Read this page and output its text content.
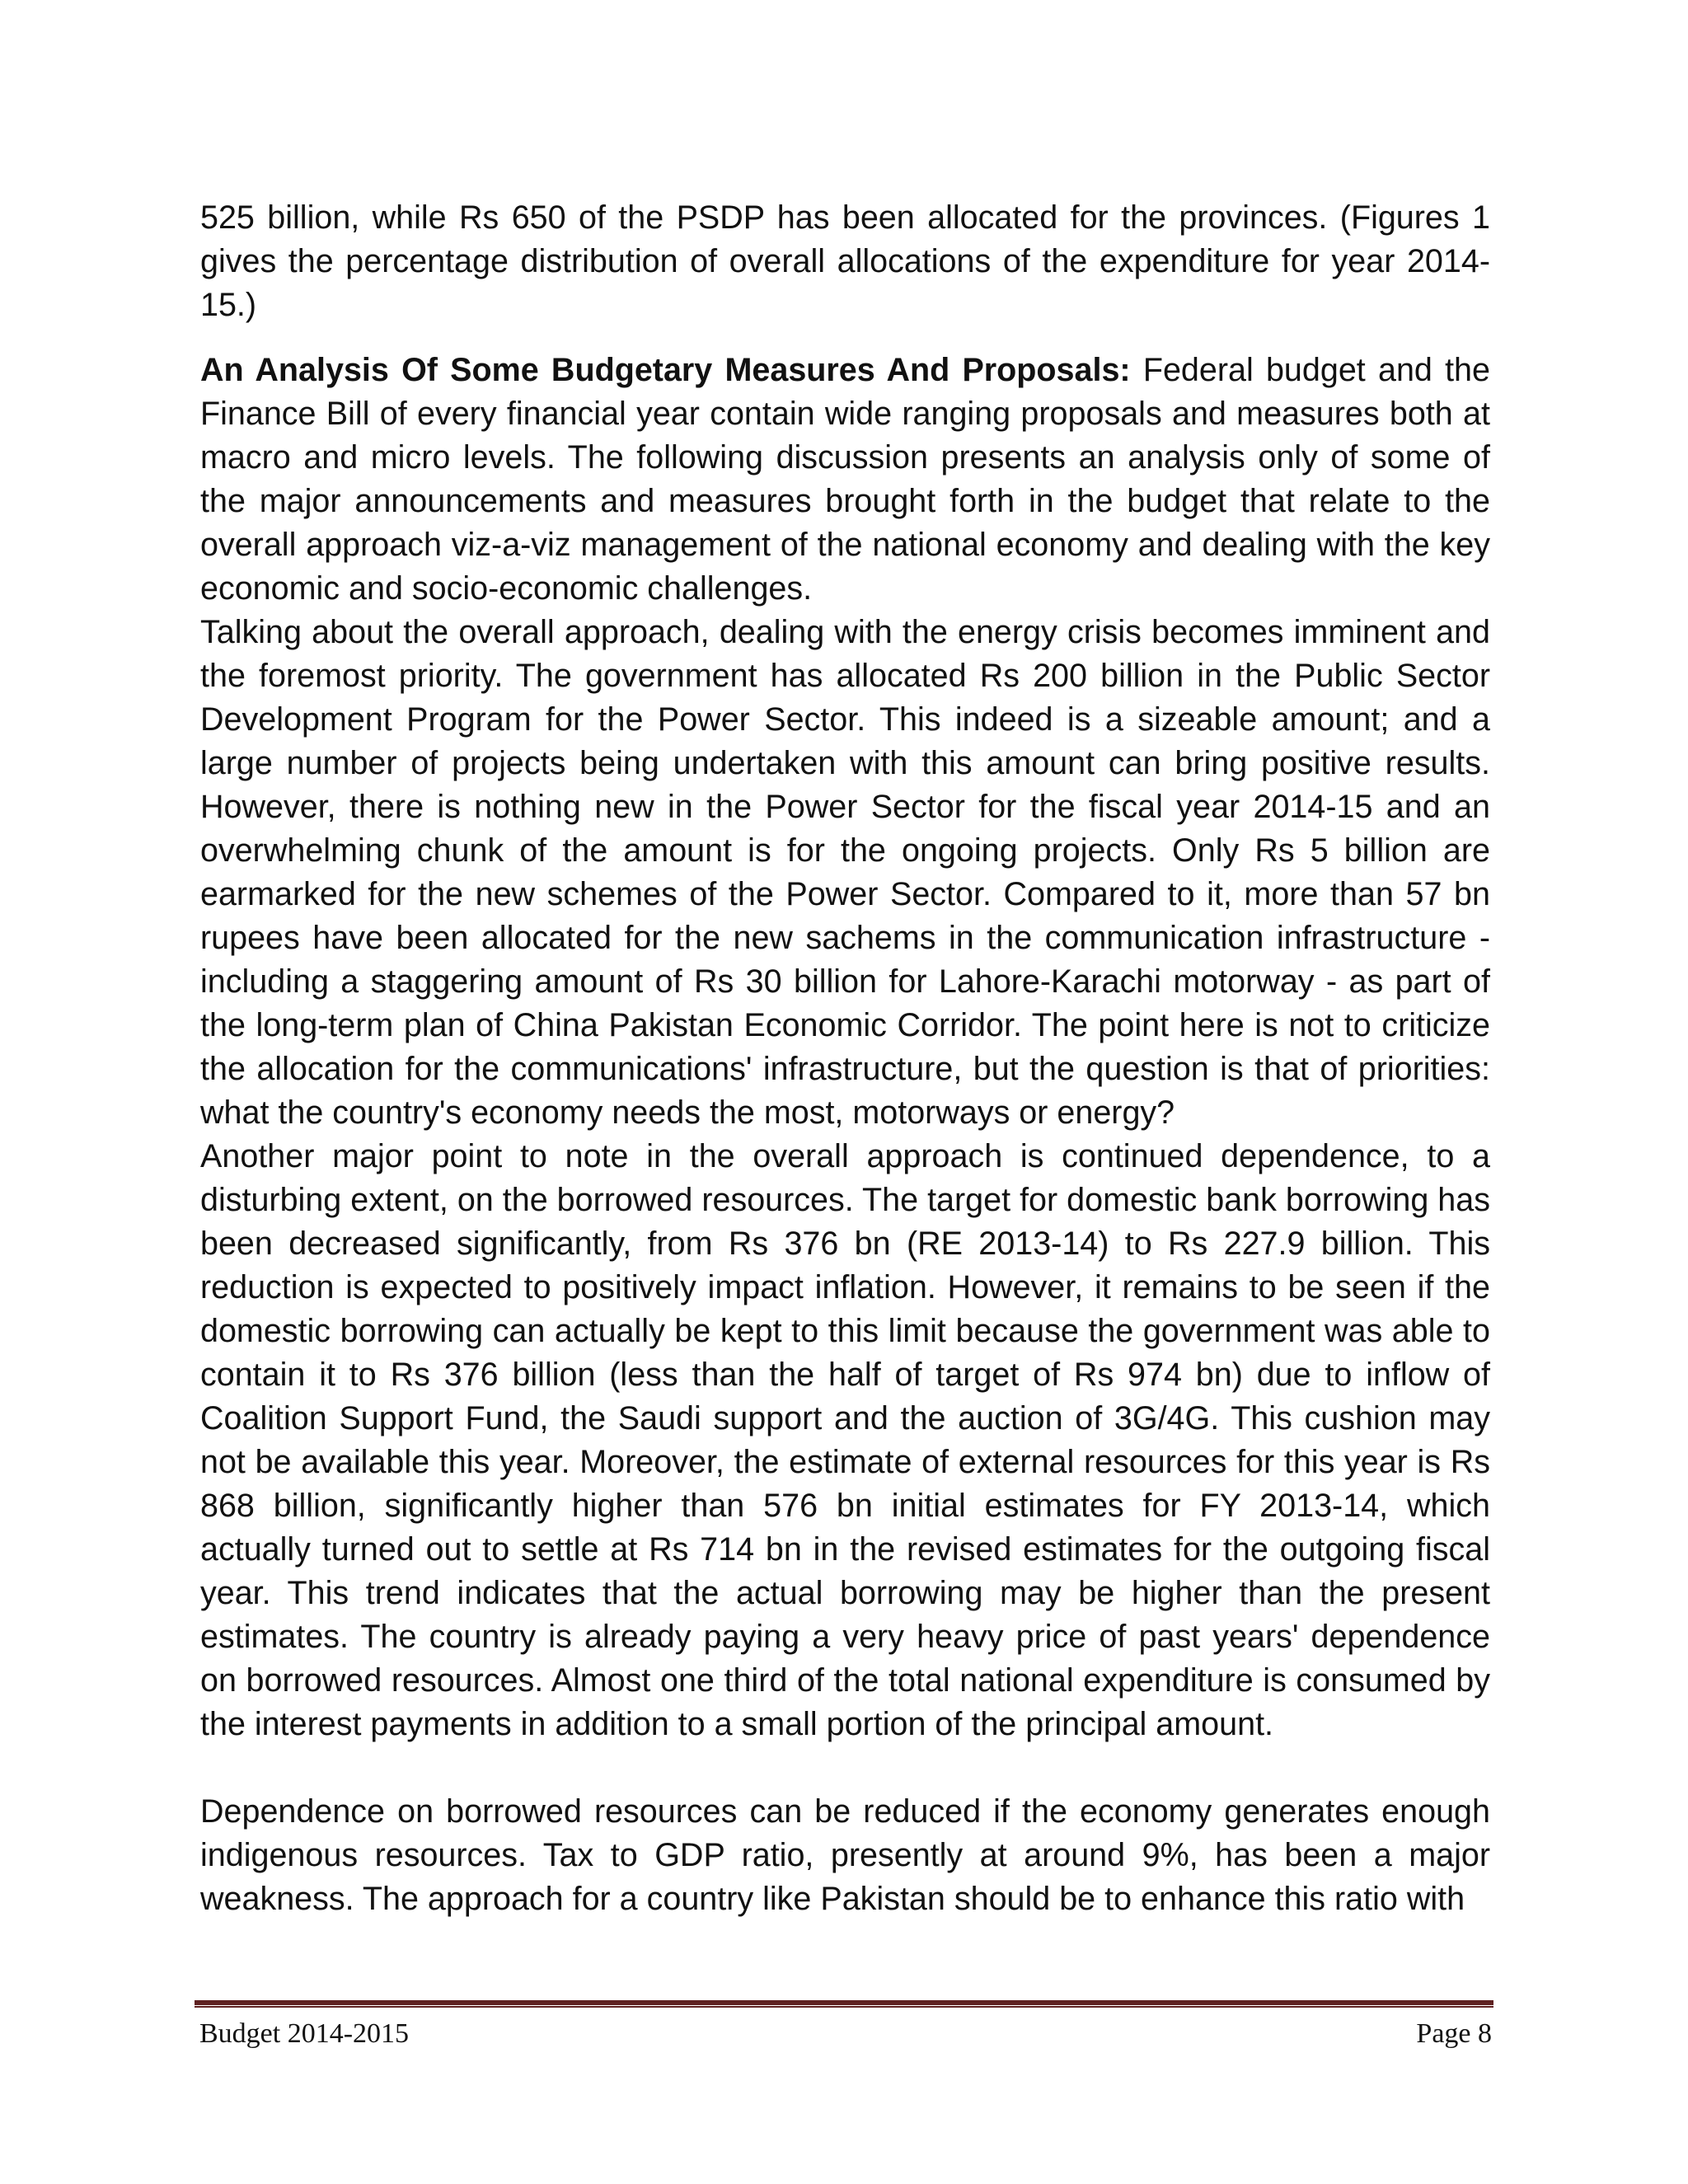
525 billion, while Rs 650 of the PSDP has been allocated for the provinces. (Figures 1 gives the percentage distribution of overall allocations of the expenditure for year 2014-15.)

An Analysis Of Some Budgetary Measures And Proposals: Federal budget and the Finance Bill of every financial year contain wide ranging proposals and measures both at macro and micro levels. The following discussion presents an analysis only of some of the major announcements and measures brought forth in the budget that relate to the overall approach viz-a-viz management of the national economy and dealing with the key economic and socio-economic challenges.

Talking about the overall approach, dealing with the energy crisis becomes imminent and the foremost priority. The government has allocated Rs 200 billion in the Public Sector Development Program for the Power Sector. This indeed is a sizeable amount; and a large number of projects being undertaken with this amount can bring positive results. However, there is nothing new in the Power Sector for the fiscal year 2014-15 and an overwhelming chunk of the amount is for the ongoing projects. Only Rs 5 billion are earmarked for the new schemes of the Power Sector. Compared to it, more than 57 bn rupees have been allocated for the new sachems in the communication infrastructure - including a staggering amount of Rs 30 billion for Lahore-Karachi motorway - as part of the long-term plan of China Pakistan Economic Corridor. The point here is not to criticize the allocation for the communications' infrastructure, but the question is that of priorities: what the country's economy needs the most, motorways or energy?

Another major point to note in the overall approach is continued dependence, to a disturbing extent, on the borrowed resources. The target for domestic bank borrowing has been decreased significantly, from Rs 376 bn (RE 2013-14) to Rs 227.9 billion. This reduction is expected to positively impact inflation. However, it remains to be seen if the domestic borrowing can actually be kept to this limit because the government was able to contain it to Rs 376 billion (less than the half of target of Rs 974 bn) due to inflow of Coalition Support Fund, the Saudi support and the auction of 3G/4G. This cushion may not be available this year. Moreover, the estimate of external resources for this year is Rs 868 billion, significantly higher than 576 bn initial estimates for FY 2013-14, which actually turned out to settle at Rs 714 bn in the revised estimates for the outgoing fiscal year. This trend indicates that the actual borrowing may be higher than the present estimates. The country is already paying a very heavy price of past years' dependence on borrowed resources. Almost one third of the total national expenditure is consumed by the interest payments in addition to a small portion of the principal amount.

Dependence on borrowed resources can be reduced if the economy generates enough indigenous resources. Tax to GDP ratio, presently at around 9%, has been a major weakness. The approach for a country like Pakistan should be to enhance this ratio with

Budget 2014-2015	Page 8
